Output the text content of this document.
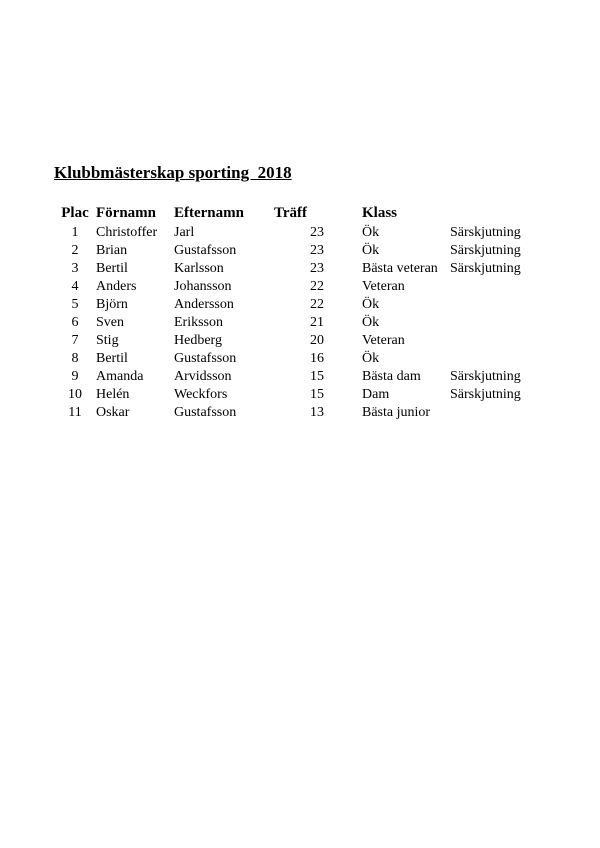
Klubbmästerskap sporting  2018
Plac	Förnamn	Efternamn	Träff	Klass	
1	Christoffer	Jarl	23	Ök	Särskjutning
2	Brian	Gustafsson	23	Ök	Särskjutning
3	Bertil	Karlsson	23	Bästa veteran	Särskjutning
4	Anders	Johansson	22	Veteran	
5	Björn	Andersson	22	Ök	
6	Sven	Eriksson	21	Ök	
7	Stig	Hedberg	20	Veteran	
8	Bertil	Gustafsson	16	Ök	
9	Amanda	Arvidsson	15	Bästa dam	Särskjutning
10	Helén	Weckfors	15	Dam	Särskjutning
11	Oskar	Gustafsson	13	Bästa junior	
